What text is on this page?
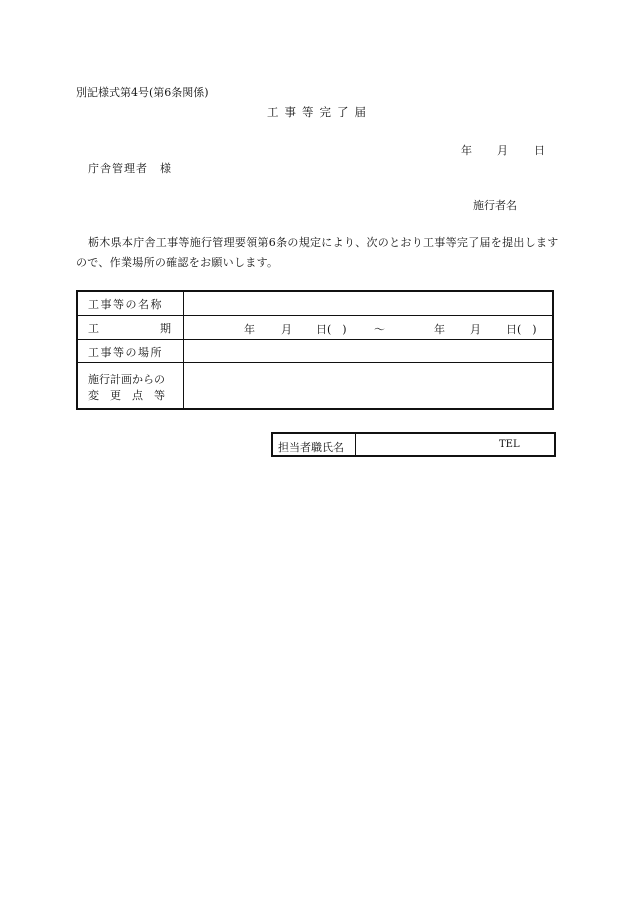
別記様式第4号(第6条関係)
工事等完了届
年 月 日
庁舎管理者　様
施行者名
栃木県本庁舎工事等施行管理要領第6条の規定により、次のとおり工事等完了届を提出しますので、作業場所の確認をお願いします。
工事等の名称
工	期	年 月 日(　) ～	年 月 日(　)
工事等の場所
施行計画からの
変　更　点　等
担当者職氏名	TEL
